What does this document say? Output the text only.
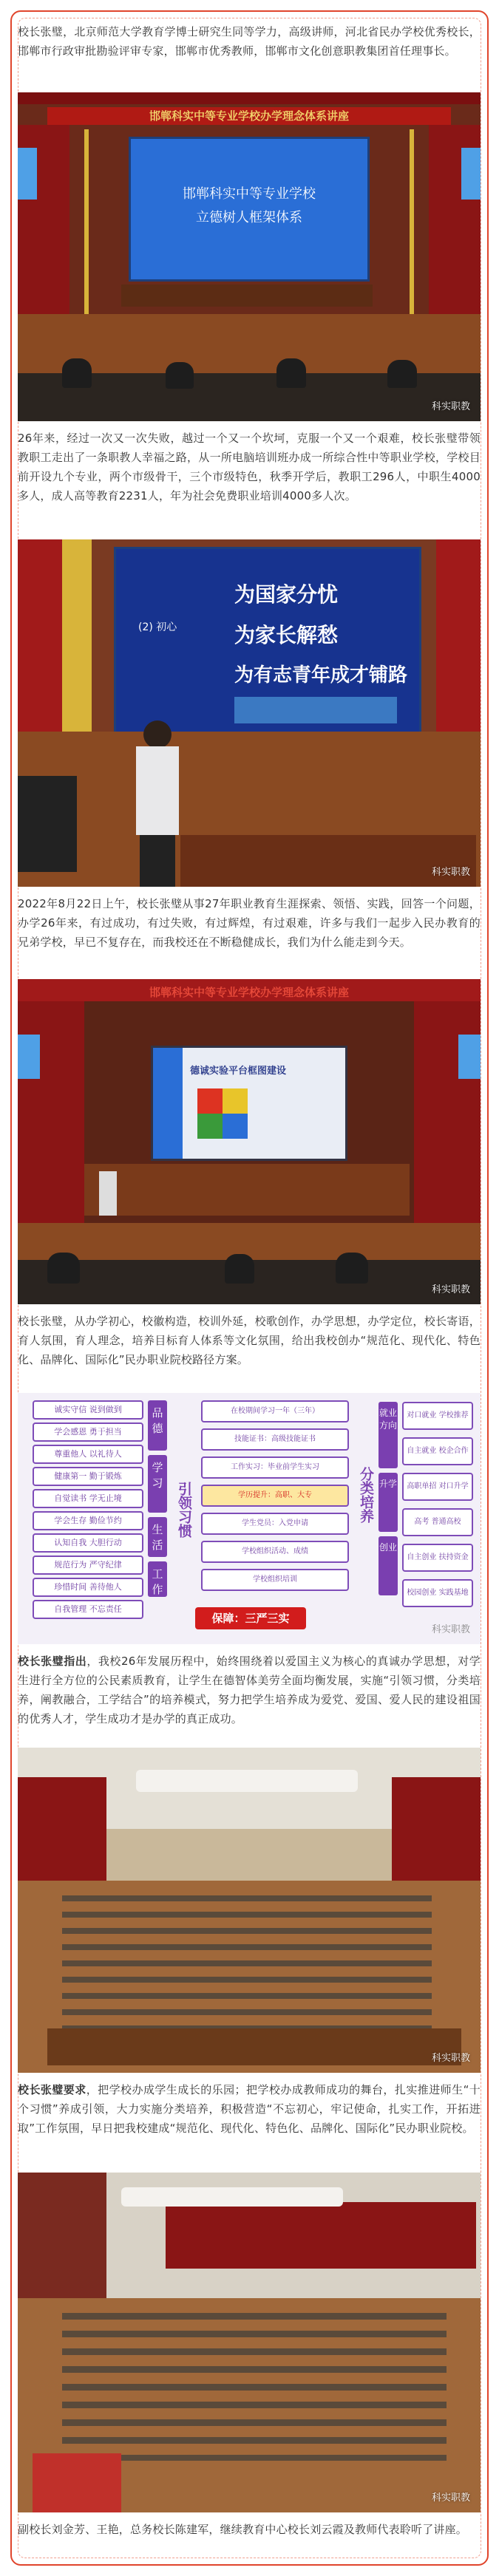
校长张璧，北京师范大学教育学博士研究生同等学力，高级讲师，河北省民办学校优秀校长，邯郸市行政审批勘验评审专家，邯郸市优秀教师，邯郸市文化创意职教集团首任理事长。

邯郸科实中等专业学校办学理念体系讲座
邯郸科实中等专业学校
立德树人框架体系
科实职教

26年来，经过一次又一次失败，越过一个又一个坎坷，克服一个又一个艰难，校长张璧带领教职工走出了一条职教人幸福之路，从一所电脑培训班办成一所综合性中等职业学校，学校目前开设九个专业，两个市级骨干，三个市级特色，秋季开学后，教职工296人，中职生4000多人，成人高等教育2231人，年为社会免费职业培训4000多人次。

(2) 初心
为国家分忧
为家长解愁
为有志青年成才铺路
科实职教

2022年8月22日上午，校长张璧从事27年职业教育生涯探索、领悟、实践，回答一个问题，办学26年来，有过成功，有过失败，有过辉煌，有过艰难，许多与我们一起步入民办教育的兄弟学校，早已不复存在，而我校还在不断稳健成长，我们为什么能走到今天。

邯郸科实中等专业学校办学理念体系讲座
德诚实验平台框图建设
科实职教

校长张璧，从办学初心，校徽构造，校训外延，校歌创作，办学思想，办学定位，校长寄语，育人氛围，育人理念，培养目标育人体系等文化氛围，给出我校创办“规范化、现代化、特色化、品牌化、国际化”民办职业院校路径方案。

诚实守信 说到做到
学会感恩 勇于担当
尊重他人 以礼待人
健康第一 勤于锻炼
自觉读书 学无止境
学会生存 勤俭节约
认知自我 大胆行动
规范行为 严守纪律
珍惜时间 善待他人
自我管理 不忘责任
品德
学习
生活
工作
引领习惯
在校期间学习一年（三年）
技能证书：高级技能证书
工作实习：毕业前学生实习
学历提升：高职、大专
学生党员：入党申请
学校组织活动、成绩
学校组织培训
分类培养
就业方向
升学
创业
对口就业 学校推荐
自主就业 校企合作
高职单招 对口升学
高考 普通高校
自主创业 扶持资金
校园创业 实践基地
保障：三严三实
科实职教

校长张璧指出，我校26年发展历程中，始终围绕着以爱国主义为核心的真诚办学思想，对学生进行全方位的公民素质教育，让学生在德智体美劳全面均衡发展，实施“引领习惯，分类培养，阐教融合，工学结合”的培养模式，努力把学生培养成为爱党、爱国、爱人民的建设祖国的优秀人才，学生成功才是办学的真正成功。

科实职教

校长张璧要求，把学校办成学生成长的乐园；把学校办成教师成功的舞台，扎实推进师生“十个习惯”养成引领，大力实施分类培养，积极营造“不忘初心，牢记使命，扎实工作，开拓进取”工作氛围，早日把我校建成“规范化、现代化、特色化、品牌化、国际化”民办职业院校。

科实职教

副校长刘金芳、王艳，总务校长陈建军，继续教育中心校长刘云霞及教师代表聆听了讲座。
